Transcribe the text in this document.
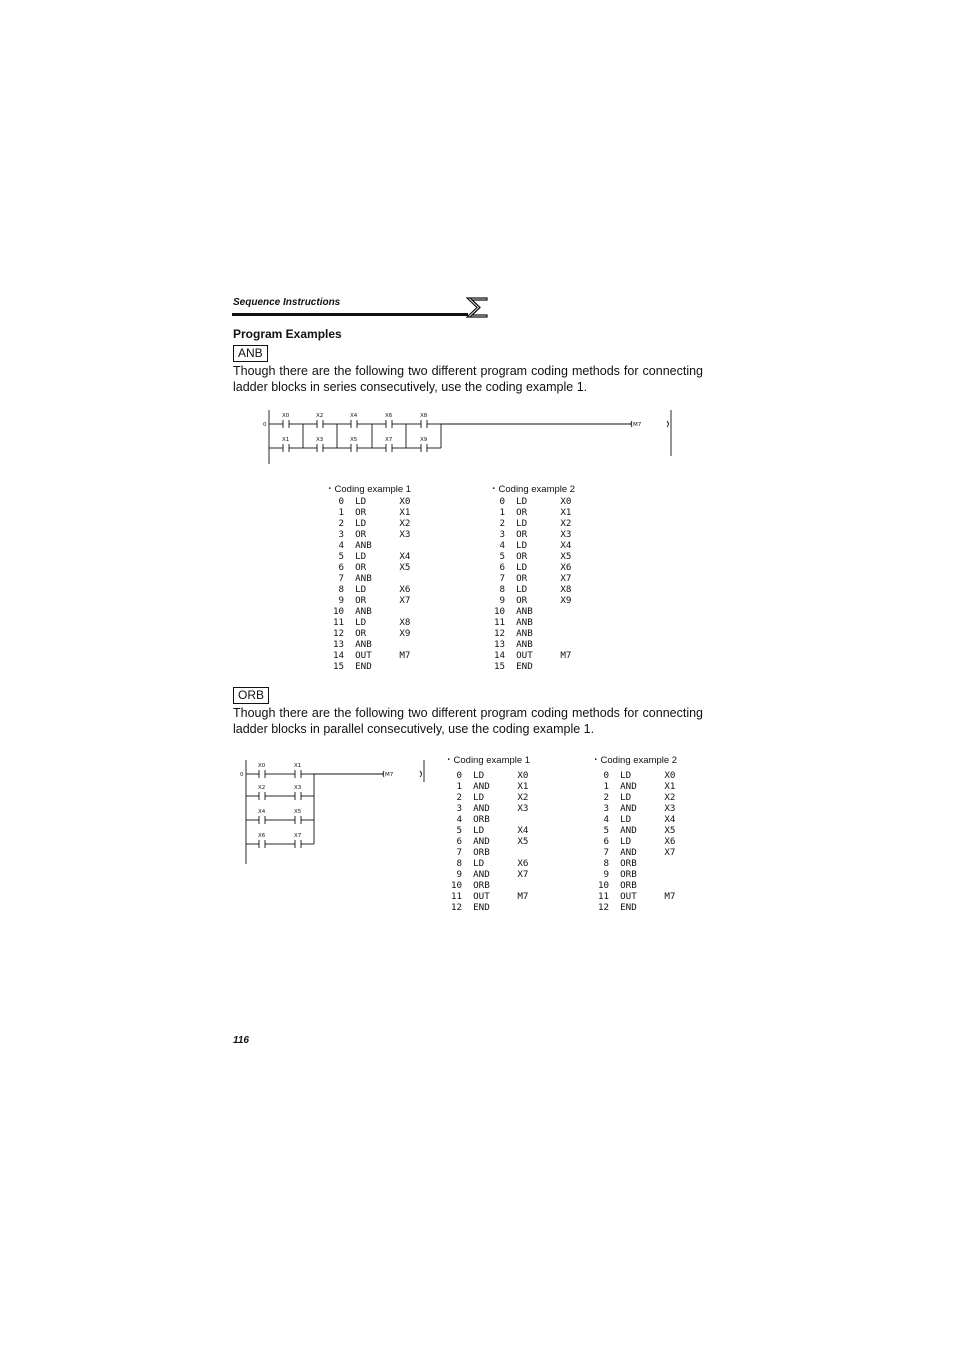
Sequence Instructions
Program Examples
ANB
Though there are the following two different program coding methods for connecting ladder blocks in series consecutively, use the coding example 1.
0
X0
X1
X2
X3
X4
X5
X6
X7
X8
X9
M7
・Coding example 1
0  LD      X0
1  OR      X1
2  LD      X2
3  OR      X3
4  ANB
5  LD      X4
6  OR      X5
7  ANB
8  LD      X6
9  OR      X7
10  ANB
11  LD      X8
12  OR      X9
13  ANB
14  OUT     M7
15  END
・Coding example 2
0  LD      X0
1  OR      X1
2  LD      X2
3  OR      X3
4  LD      X4
5  OR      X5
6  LD      X6
7  OR      X7
8  LD      X8
9  OR      X9
10  ANB
11  ANB
12  ANB
13  ANB
14  OUT     M7
15  END
ORB
Though there are the following two different program coding methods for connecting ladder blocks in parallel consecutively, use the coding example 1.
0
X0	X1
X2	X3
X4	X5
X6	X7
M7
・Coding example 1
0  LD      X0
1  AND     X1
2  LD      X2
3  AND     X3
4  ORB
5  LD      X4
6  AND     X5
7  ORB
8  LD      X6
9  AND     X7
10  ORB
11  OUT     M7
12  END
・Coding example 2
0  LD      X0
1  AND     X1
2  LD      X2
3  AND     X3
4  LD      X4
5  AND     X5
6  LD      X6
7  AND     X7
8  ORB
9  ORB
10  ORB
11  OUT     M7
12  END
116
